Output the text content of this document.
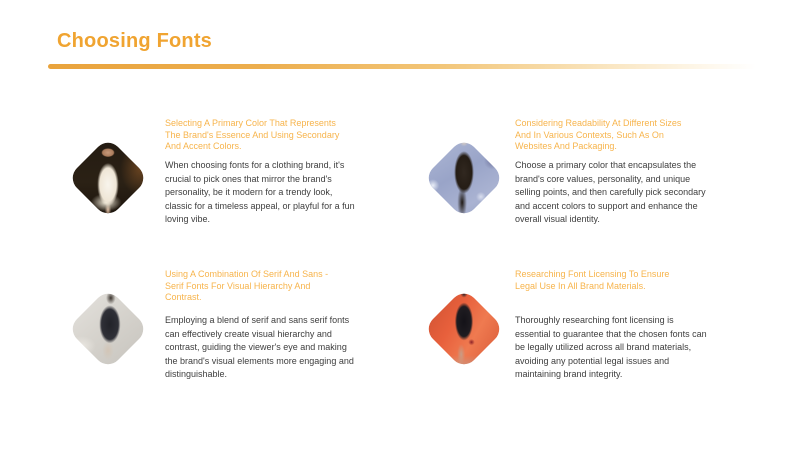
Choosing Fonts
Selecting A Primary Color That Represents
The Brand's Essence And Using Secondary
And Accent Colors.
When choosing fonts for a clothing brand, it's
crucial to pick ones that mirror the brand's
personality, be it modern for a trendy look,
classic for a timeless appeal, or playful for a fun
loving vibe.
Considering Readability At Different Sizes
And In Various Contexts, Such As On
Websites And Packaging.
Choose a primary color that encapsulates the
brand's core values, personality, and unique
selling points, and then carefully pick secondary
and accent colors to support and enhance the
overall visual identity.
Using A Combination Of Serif And Sans -
Serif Fonts For Visual Hierarchy And
Contrast.
Employing a blend of serif and sans serif fonts
can effectively create visual hierarchy and
contrast, guiding the viewer's eye and making
the brand's visual elements more engaging and
distinguishable.
Researching Font Licensing To Ensure
Legal Use In All Brand Materials.
Thoroughly researching font licensing is
essential to guarantee that the chosen fonts can
be legally utilized across all brand materials,
avoiding any potential legal issues and
maintaining brand integrity.
